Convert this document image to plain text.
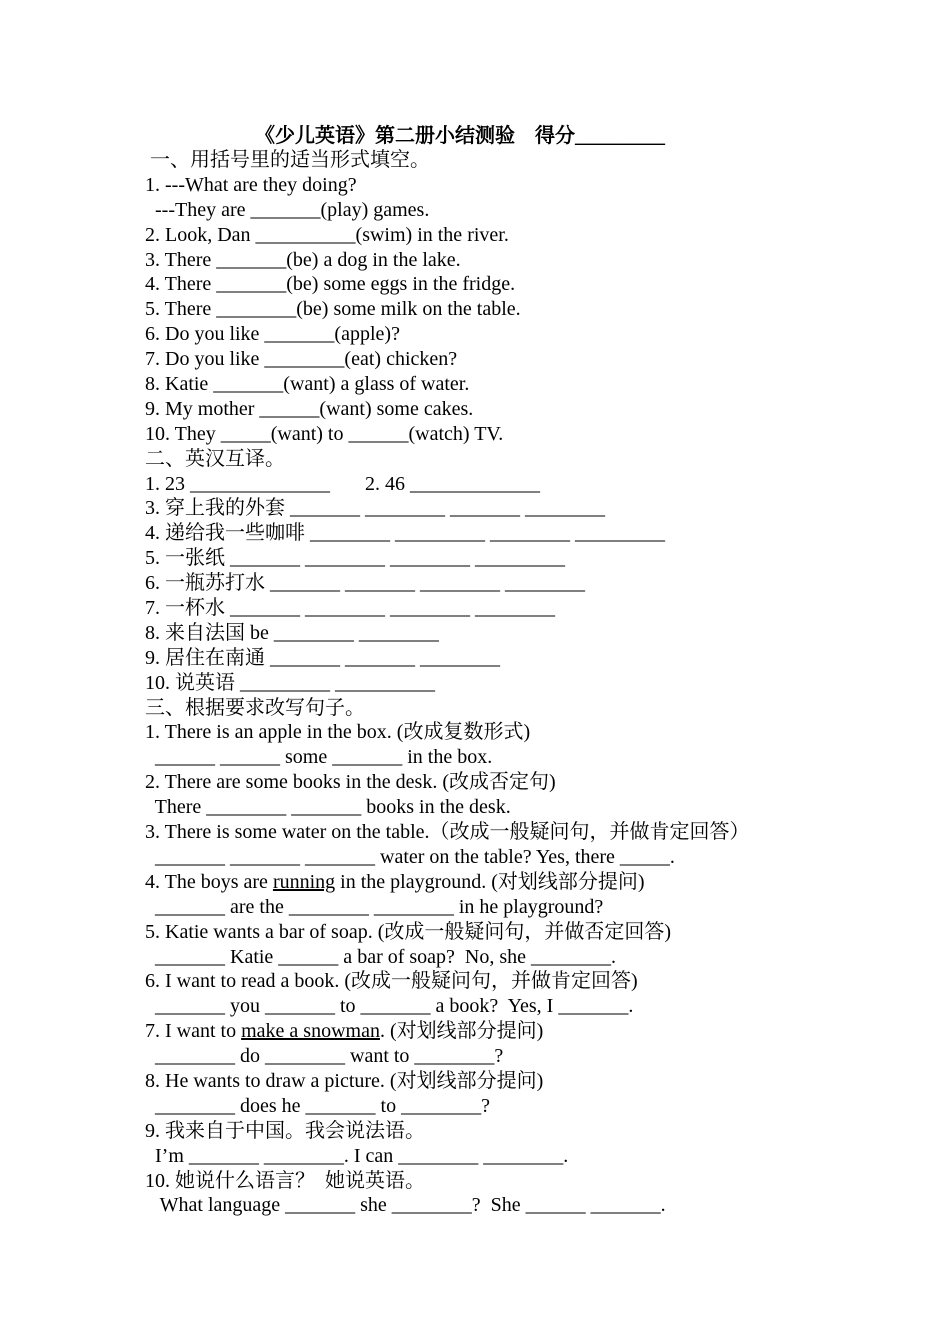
《少儿英语》第二册小结测验    得分_________
一、用括号里的适当形式填空。
1. ---What are they doing?
---They are _______(play) games.
2. Look, Dan __________(swim) in the river.
3. There _______(be) a dog in the lake.
4. There _______(be) some eggs in the fridge.
5. There ________(be) some milk on the table.
6. Do you like _______(apple)?
7. Do you like ________(eat) chicken?
8. Katie _______(want) a glass of water.
9. My mother ______(want) some cakes.
10. They _____(want) to ______(watch) TV.
二、英汉互译。
1. 23 ______________       2. 46 _____________
3. 穿上我的外套 _______ ________ _______ ________
4. 递给我一些咖啡 ________ _________ ________ _________
5. 一张纸 _______ ________ ________ _________
6. 一瓶苏打水 _______ _______ ________ ________
7. 一杯水 _______ ________ ________ ________
8. 来自法国 be ________ ________
9. 居住在南通 _______ _______ ________
10. 说英语 _________ __________
三、根据要求改写句子。
1. There is an apple in the box. (改成复数形式)
______ ______ some _______ in the box.
2. There are some books in the desk. (改成否定句)
There ________ _______ books in the desk.
3. There is some water on the table.（改成一般疑问句，并做肯定回答）
_______ _______ _______ water on the table? Yes, there _____.
4. The boys are running in the playground. (对划线部分提问)
_______ are the ________ ________ in he playground?
5. Katie wants a bar of soap. (改成一般疑问句，并做否定回答)
_______ Katie ______ a bar of soap?  No, she ________.
6. I want to read a book. (改成一般疑问句，并做肯定回答)
_______ you _______ to _______ a book?  Yes, I _______.
7. I want to make a snowman. (对划线部分提问)
________ do ________ want to ________?
8. He wants to draw a picture. (对划线部分提问)
________ does he _______ to ________?
9. 我来自于中国。我会说法语。
I’m _______ ________. I can ________ ________.
10. 她说什么语言？  她说英语。
What language _______ she ________?  She ______ _______.
